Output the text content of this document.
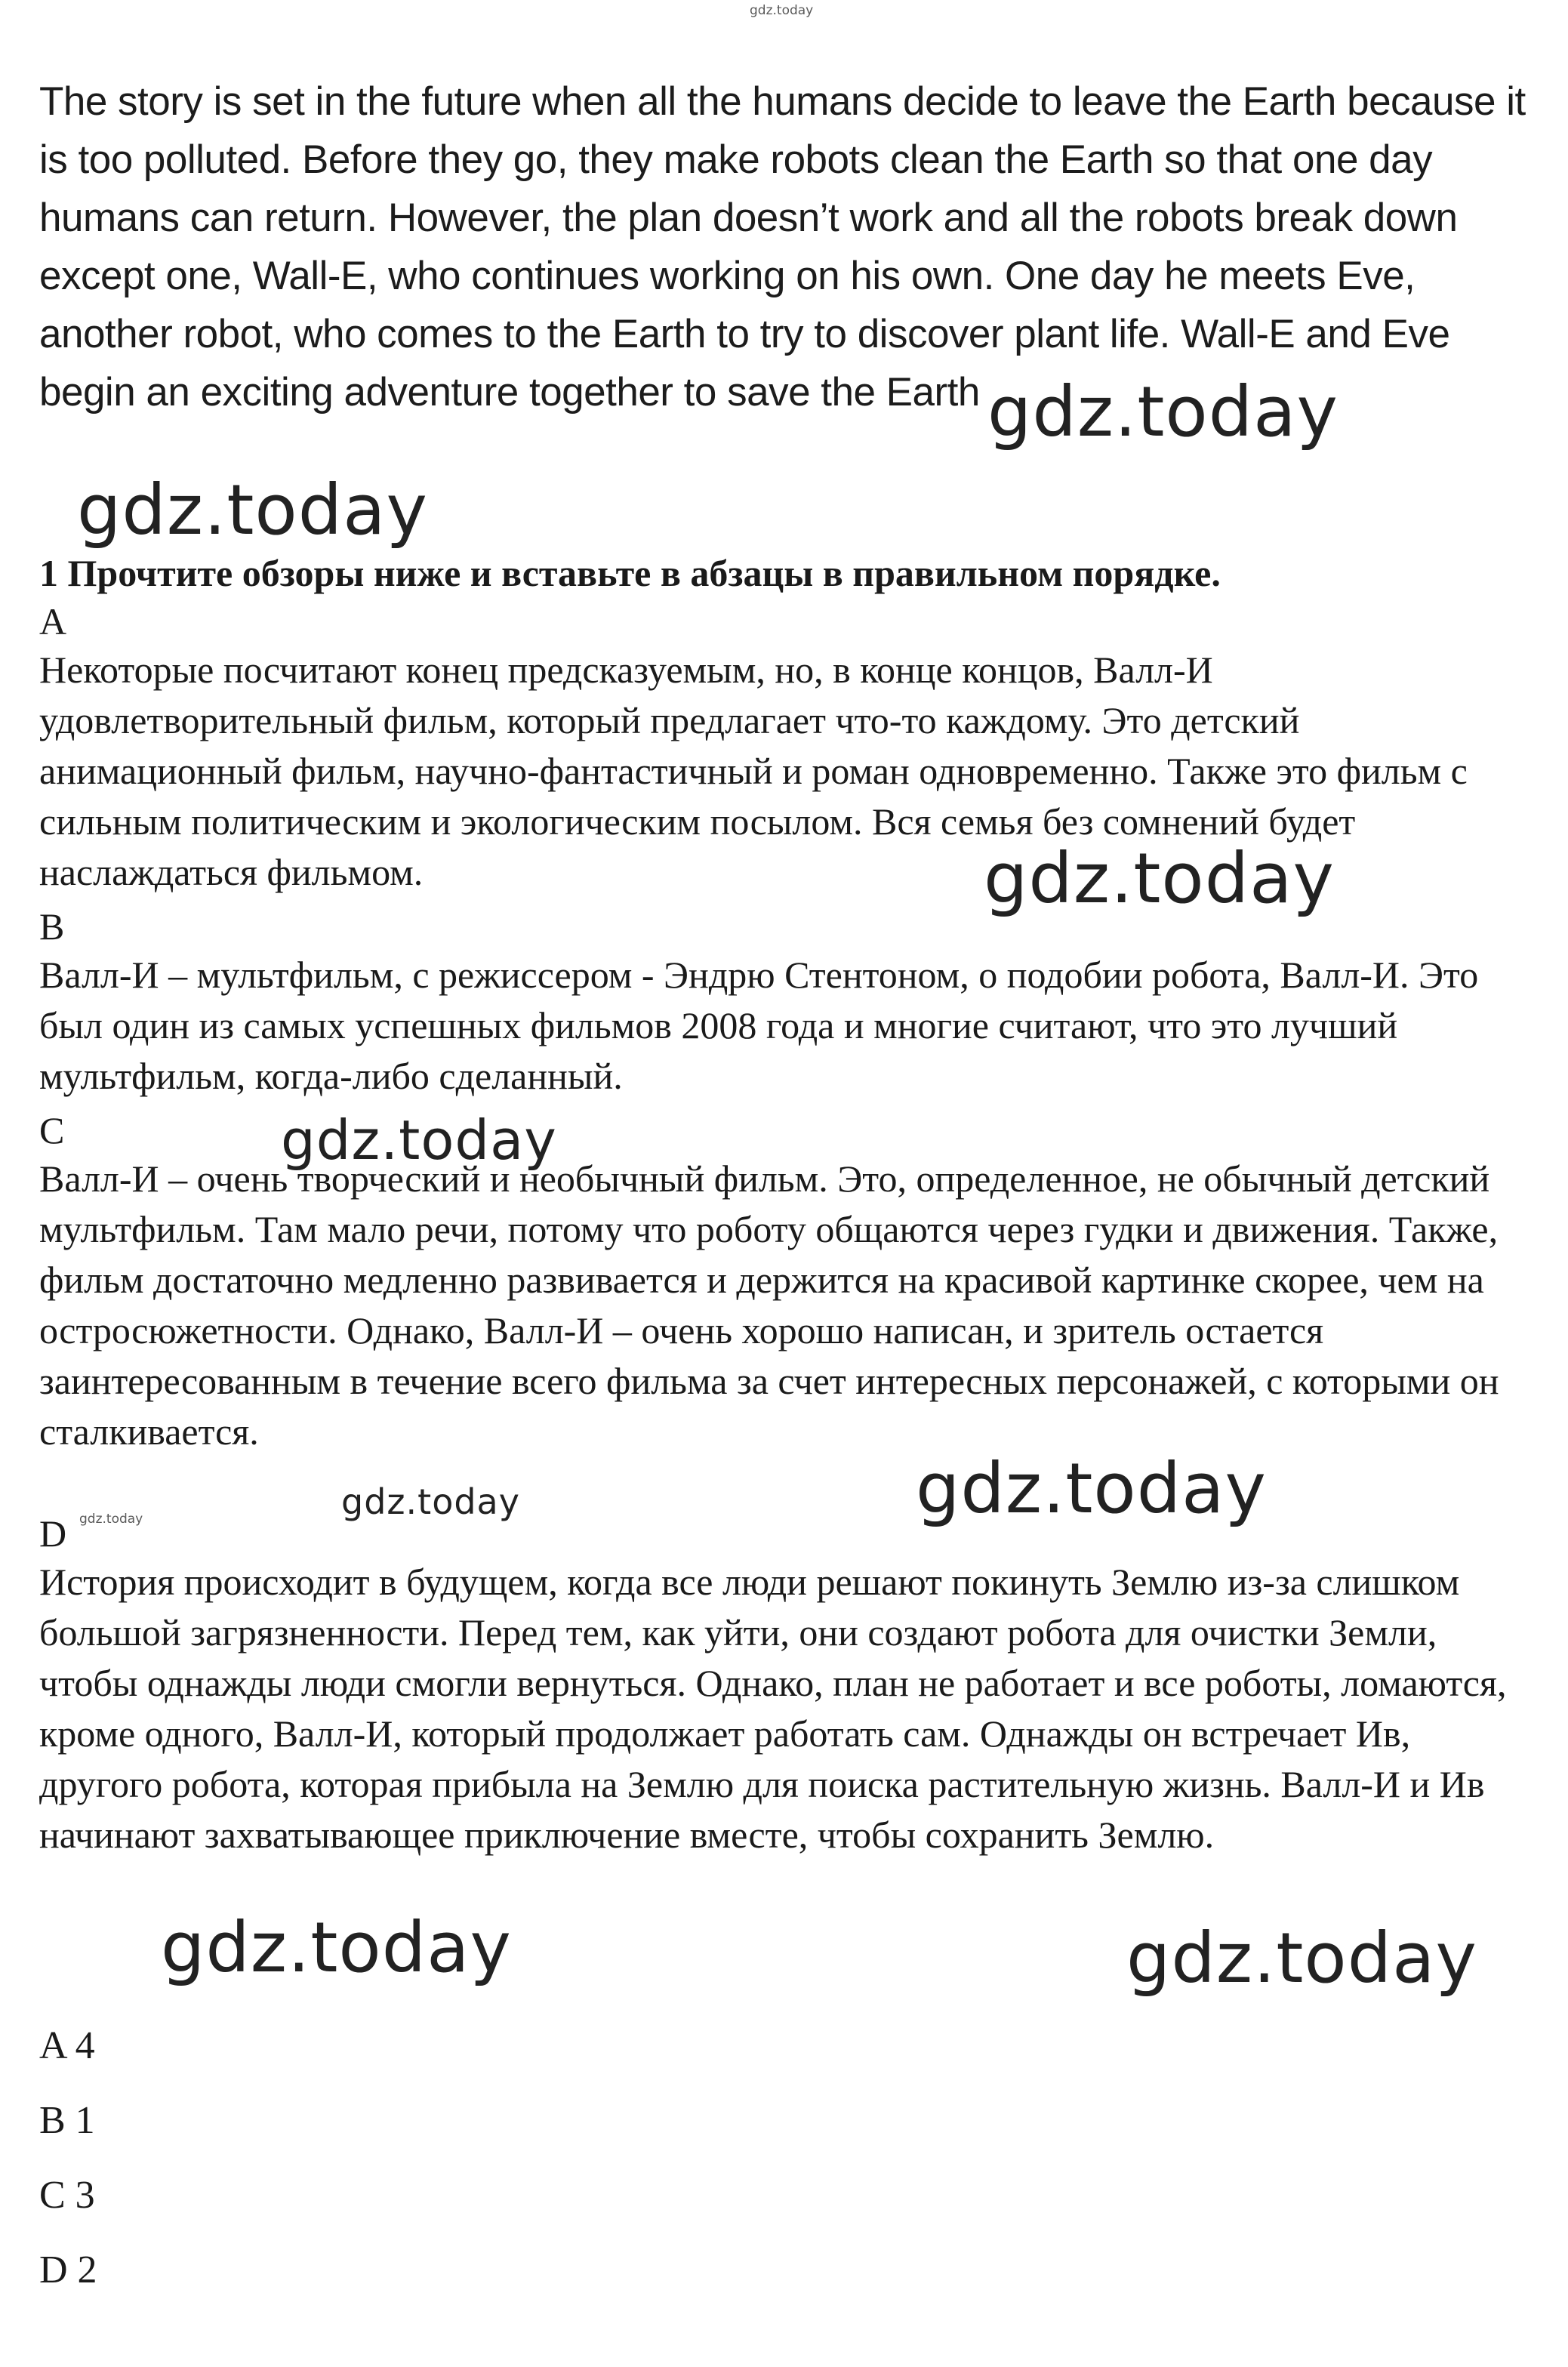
gdz.today

The story is set in the future when all the humans decide to leave the Earth because it is too polluted. Before they go, they make robots clean the Earth so that one day humans can return. However, the plan doesn’t work and all the robots break down except one, Wall-E, who continues working on his own. One day he meets Eve, another robot, who comes to the Earth to try to discover plant life. Wall-E and Eve begin an exciting adventure together to save the Earth gdz.today

gdz.today

1 Прочтите обзоры ниже и вставьте в абзацы в правильном порядке.

A
Некоторые посчитают конец предсказуемым, но, в конце концов, Валл-И удовлетворительный фильм, который предлагает что-то каждому. Это детский анимационный фильм, научно-фантастичный и роман одновременно. Также это фильм с сильным политическим и экологическим посылом. Вся семья без сомнений будет наслаждаться фильмом.	gdz.today

B
Валл-И – мультфильм, с режиссером - Эндрю Стентоном, о подобии робота, Валл-И. Это был один из самых успешных фильмов 2008 года и многие считают, что это лучший мультфильм, когда-либо сделанный.
C
Валл-И – очень творческий и необычный фильм. Это, определенное, не обычный детский мультфильм. Там мало речи, потому что роботу общаются через гудки и движения. Также, фильм достаточно медленно развивается и держится на красивой картинке скорее, чем на остросюжетности. Однако, Валл-И – очень хорошо написан, и зритель остается заинтересованным в течение всего фильма за счет интересных персонажей, с которыми он сталкивается.

gdz.today

gdz.today

gdz.today	gdz.today

D
История происходит в будущем, когда все люди решают покинуть Землю из-за слишком большой загрязненности. Перед тем, как уйти, они создают робота для очистки Земли, чтобы однажды люди смогли вернуться. Однако, план не работает и все роботы, ломаются, кроме одного, Валл-И, который продолжает работать сам. Однажды он встречает Ив, другого робота, которая прибыла на Землю для поиска растительную жизнь. Валл-И и Ив начинают захватывающее приключение вместе, чтобы сохранить Землю.

gdz.today	gdz.today

A 4
B 1
C 3
D 2
